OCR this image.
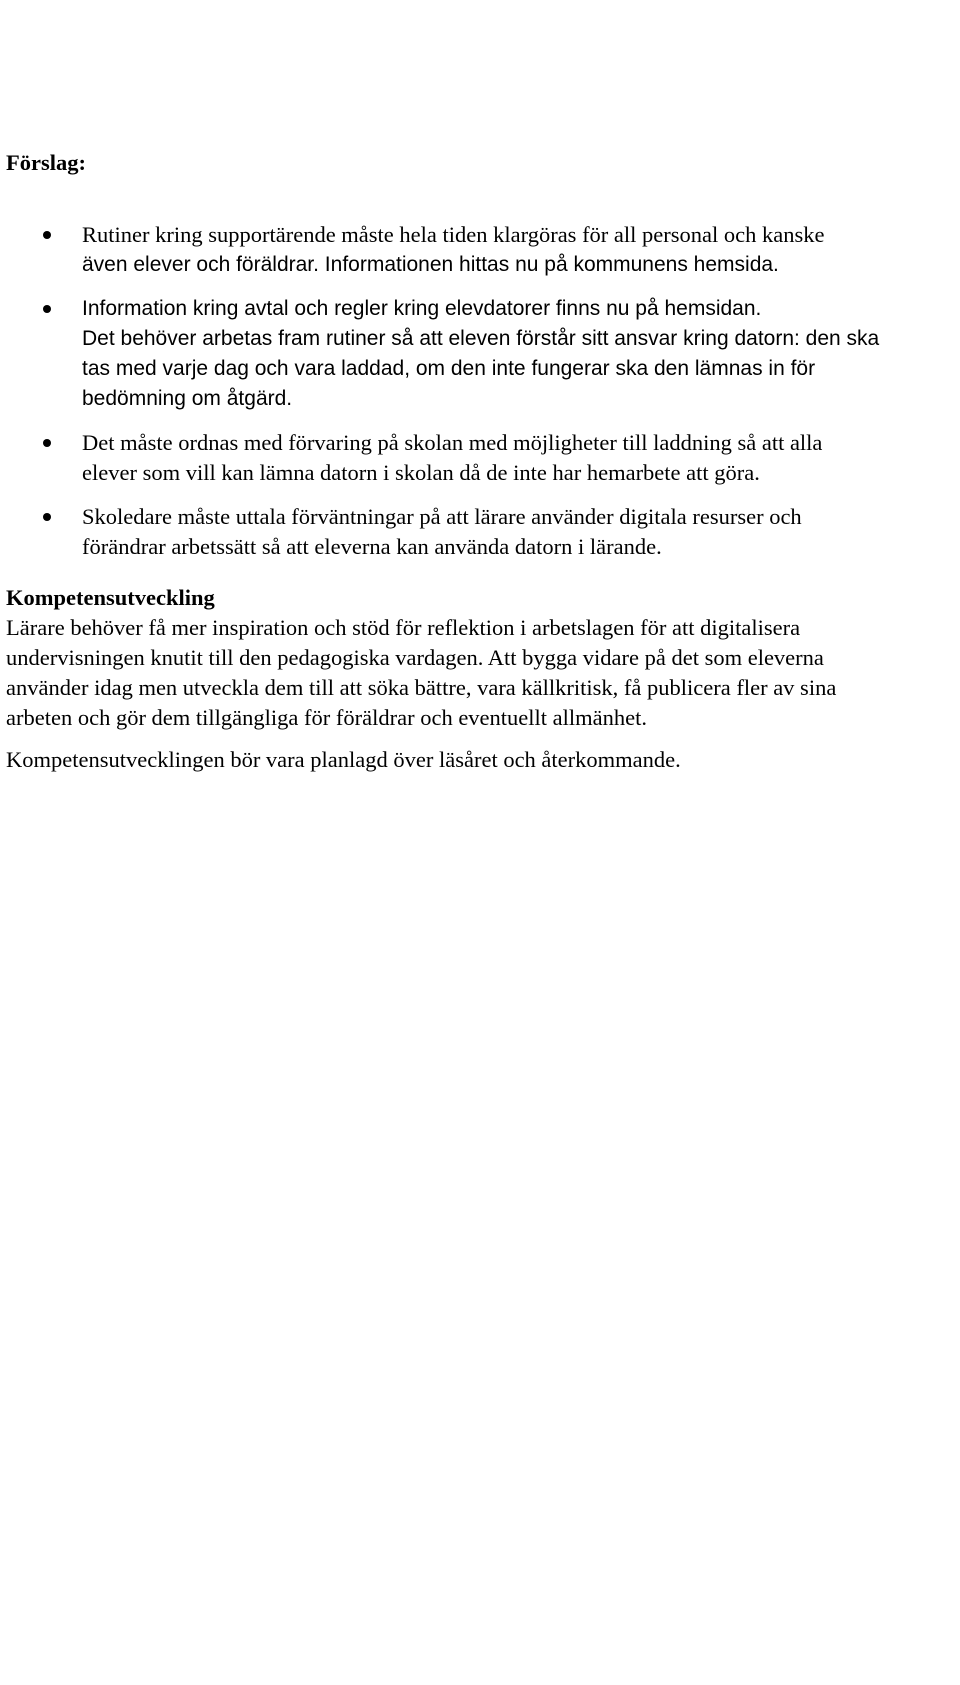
Förslag:

Rutiner kring supportärende måste hela tiden klargöras för all personal och kanske
även elever och föräldrar. Informationen hittas nu på kommunens hemsida.
Information kring avtal och regler kring elevdatorer finns nu på hemsidan.
Det behöver arbetas fram rutiner så att eleven förstår sitt ansvar kring datorn: den ska
tas med varje dag och vara laddad, om den inte fungerar ska den lämnas in för
bedömning om åtgärd.
Det måste ordnas med förvaring på skolan med möjligheter till laddning så att alla
elever som vill kan lämna datorn i skolan då de inte har hemarbete att göra.
Skoledare måste uttala förväntningar på att lärare använder digitala resurser och
förändrar arbetssätt så att eleverna kan använda datorn i lärande.

Kompetensutveckling

Lärare behöver få mer inspiration och stöd för reflektion i arbetslagen för att digitalisera
undervisningen knutit till den pedagogiska vardagen. Att bygga vidare på det som eleverna
använder idag men utveckla dem till att söka bättre, vara källkritisk, få publicera fler av sina
arbeten och gör dem tillgängliga för föräldrar och eventuellt allmänhet.

Kompetensutvecklingen bör vara planlagd över läsåret och återkommande.
